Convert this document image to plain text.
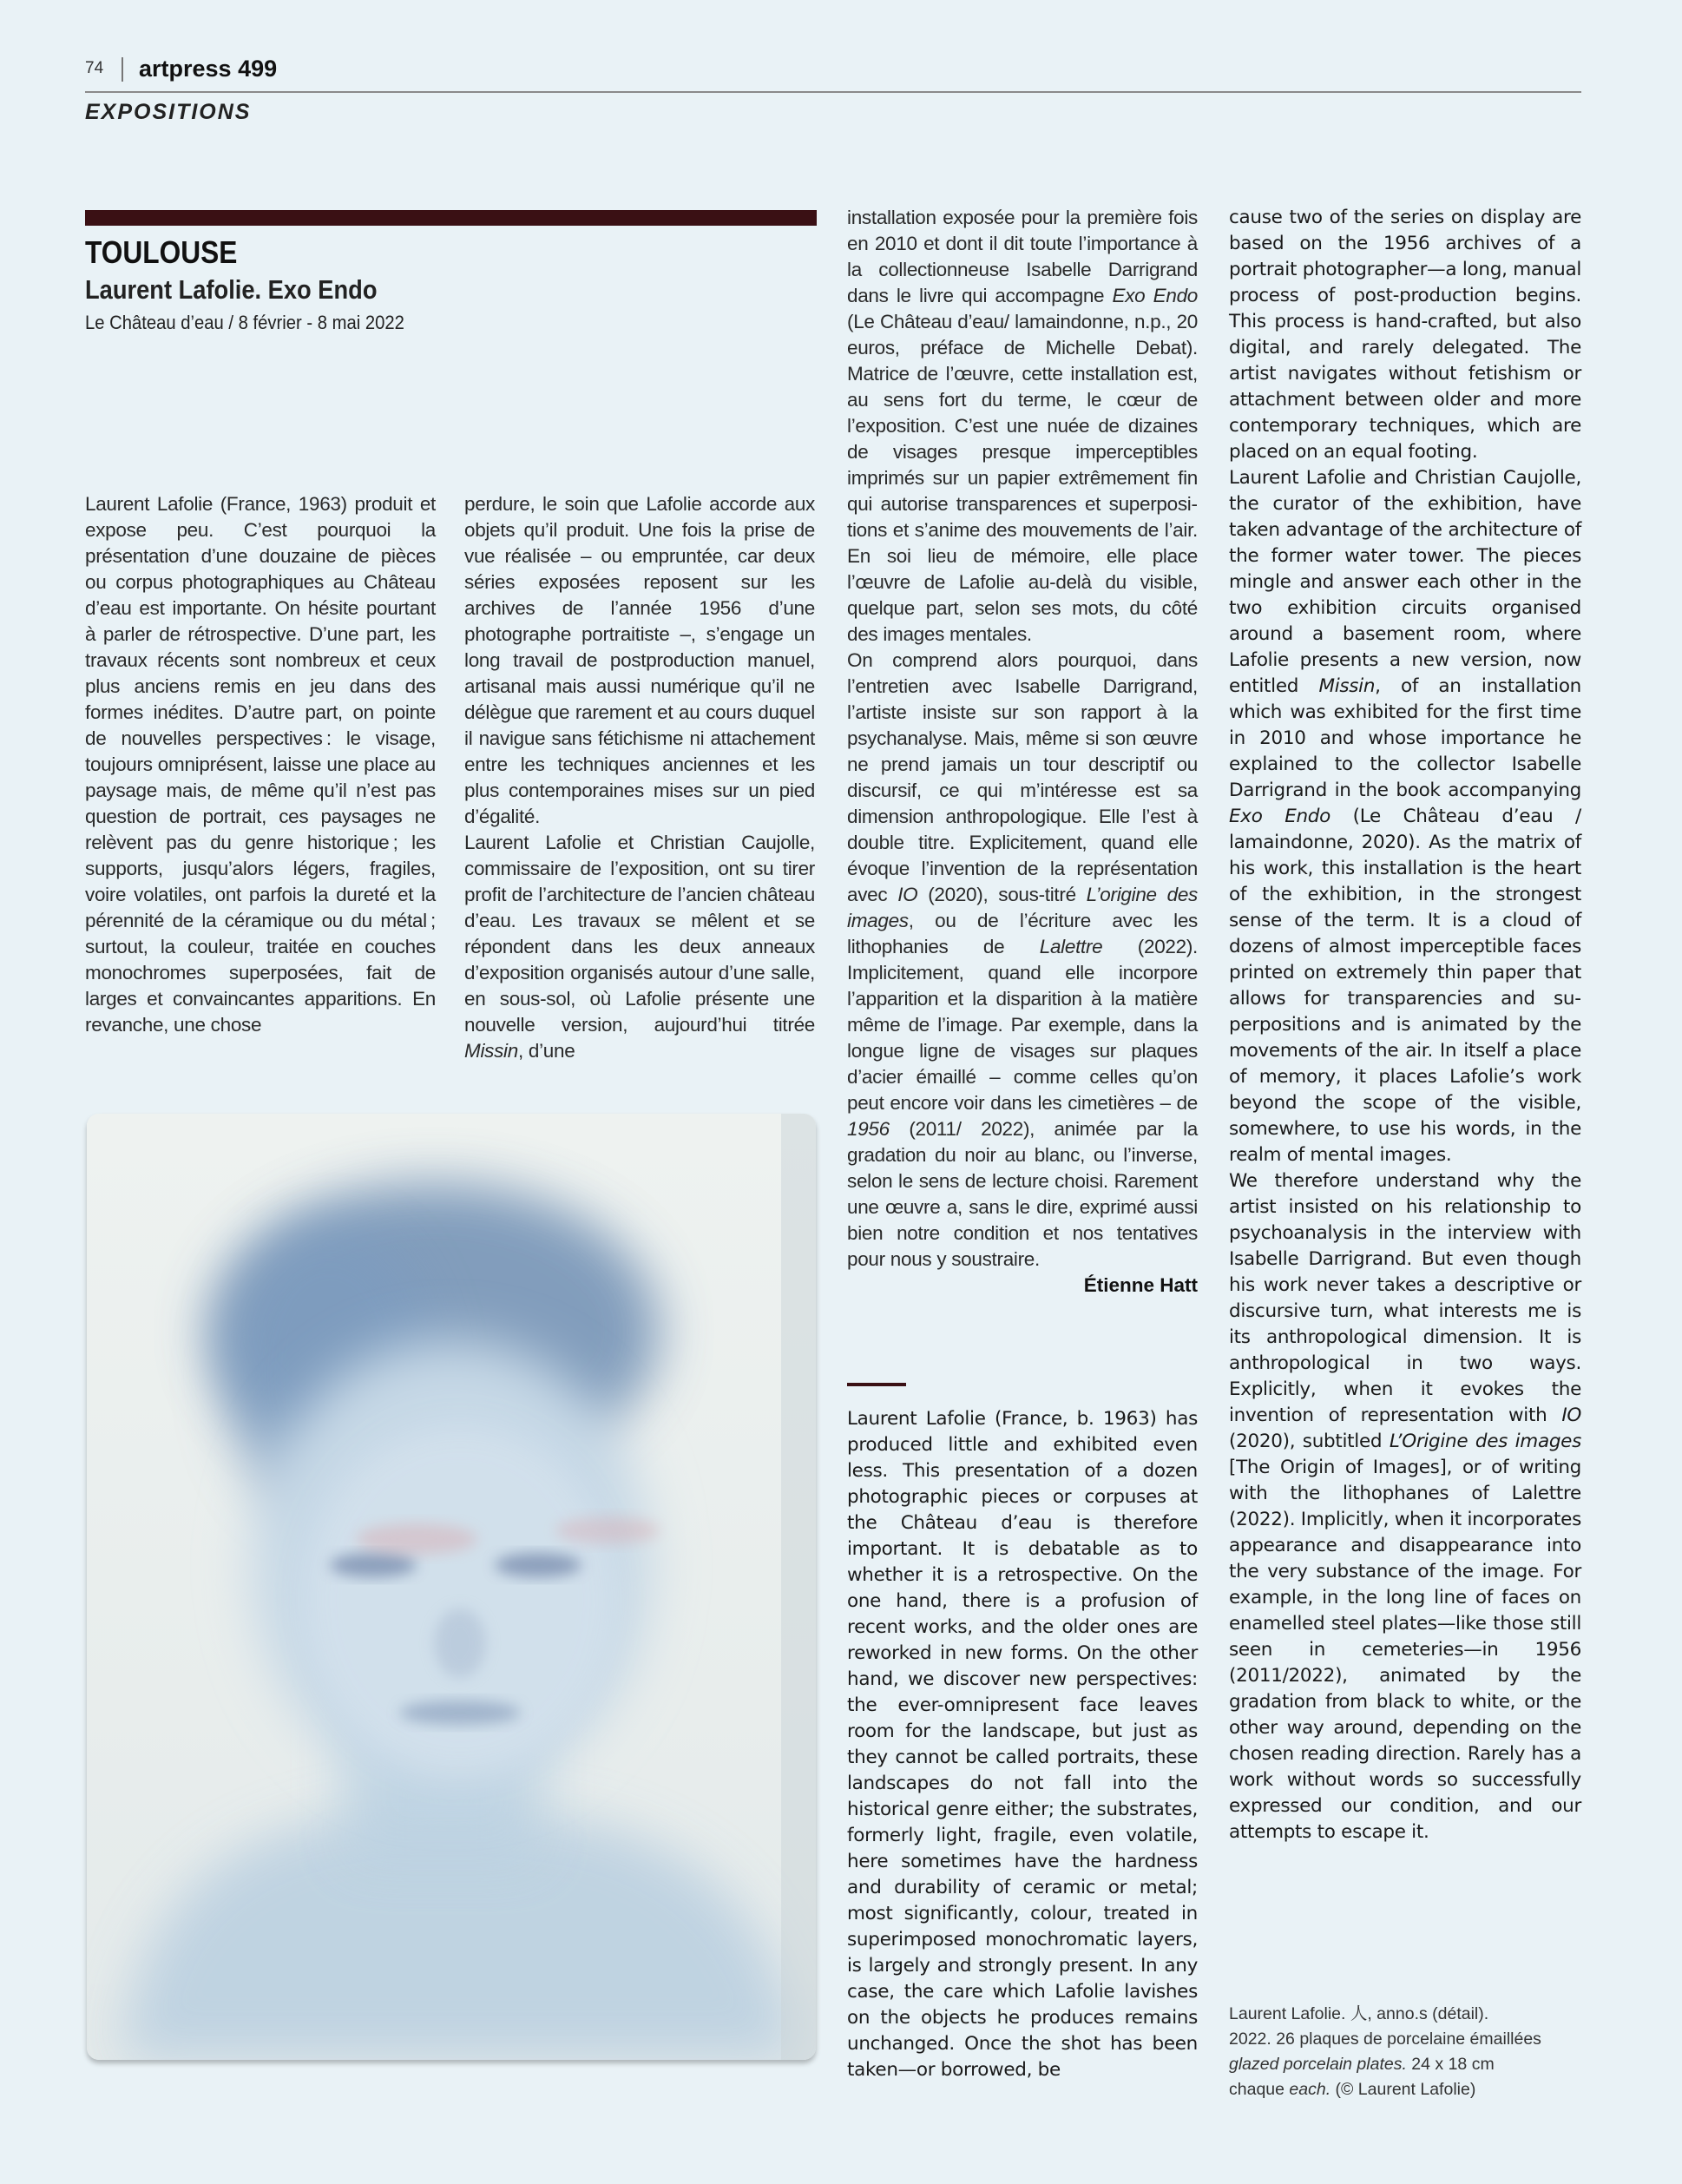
74 artpress 499
EXPOSITIONS
TOULOUSE
Laurent Lafolie. Exo Endo
Le Château d’eau / 8 février - 8 mai 2022

Laurent Lafolie (France, 1963) produit et expose peu. C’est pourquoi la présentation d’une douzaine de pièces ou corpus photographiques au Château d’eau est importante. On hésite pourtant à parler de rétrospective. D’une part, les travaux récents sont nombreux et ceux plus anciens remis en jeu dans des formes inédites. D’autre part, on pointe de nouvelles perspectives : le visage, toujours omniprésent, laisse une place au paysage mais, de même qu’il n’est pas question de portrait, ces paysages ne relèvent pas du genre historique ; les supports, jusqu’alors légers, fragiles, voire volatiles, ont parfois la dureté et la pérennité de la céramique ou du métal ; surtout, la couleur, traitée en couches monochromes superposées, fait de larges et convaincantes apparitions. En revanche, une chose

perdure, le soin que Lafolie accorde aux objets qu’il produit. Une fois la prise de vue réalisée – ou empruntée, car deux séries exposées reposent sur les archives de l’année 1956 d’une photographe portraitiste –, s’engage un long travail de postproduction manuel, artisanal mais aussi numérique qu’il ne délègue que rarement et au cours duquel il navigue sans fétichisme ni attachement entre les techniques anciennes et les plus contemporaines mises sur un pied d’égalité.

Laurent Lafolie et Christian Caujolle, commissaire de l’exposition, ont su tirer profit de l’architecture de l’ancien château d’eau. Les travaux se mêlent et se répondent dans les deux anneaux d’exposition organisés autour d’une salle, en sous-sol, où Lafolie présente une nouvelle version, aujourd’hui titrée Missin, d’une

installation exposée pour la première fois en 2010 et dont il dit toute l’importance à la collectionneuse Isabelle Darrigrand dans le livre qui accompagne Exo Endo (Le Château d’eau/ lamaindonne, n.p., 20 euros, préface de Michelle Debat). Matrice de l’œuvre, cette installation est, au sens fort du terme, le cœur de l’exposition. C’est une nuée de dizaines de visages presque imperceptibles imprimés sur un papier extrêmement fin qui autorise transparences et superpositions et s’anime des mouvements de l’air. En soi lieu de mémoire, elle place l’œuvre de Lafolie au-delà du visible, quelque part, selon ses mots, du côté des images mentales.

On comprend alors pourquoi, dans l’entretien avec Isabelle Darrigrand, l’artiste insiste sur son rapport à la psychanalyse. Mais, même si son œuvre ne prend jamais un tour descriptif ou discursif, ce qui m’intéresse est sa dimension anthropologique. Elle l’est à double titre. Explicitement, quand elle évoque l’invention de la représentation avec IO (2020), sous-titré L’origine des images, ou de l’écriture avec les lithophanies de Lalettre (2022). Implicitement, quand elle incorpore l’apparition et la disparition à la matière même de l’image. Par exemple, dans la longue ligne de visages sur plaques d’acier émaillé – comme celles qu’on peut encore voir dans les cimetières – de 1956 (2011/ 2022), animée par la gradation du noir au blanc, ou l’inverse, selon le sens de lecture choisi. Rarement une œuvre a, sans le dire, exprimé aussi bien notre condition et nos tentatives pour nous y soustraire.

Étienne Hatt

Laurent Lafolie (France, b. 1963) has produced little and exhibited even less. This presentation of a dozen photographic pieces or corpuses at the Château d’eau is therefore important. It is debatable as to whether it is a retrospective. On the one hand, there is a profusion of recent works, and the older ones are reworked in new forms. On the other hand, we discover new perspectives: the ever-omnipresent face leaves room for the landscape, but just as they cannot be called portraits, these landscapes do not fall into the historical genre either; the substrates, formerly light, fragile, even volatile, here sometimes have the hardness and durability of ceramic or metal; most significantly, colour, treated in superimposed monochromatic layers, is largely and strongly present. In any case, the care which Lafolie lavishes on the objects he produces remains unchanged. Once the shot has been taken—or borrowed, be

cause two of the series on display are based on the 1956 archives of a portrait photographer—a long, manual process of post-production begins. This process is hand-crafted, but also digital, and rarely delegated. The artist navigates without fetishism or attachment between older and more contemporary techniques, which are placed on an equal footing.

Laurent Lafolie and Christian Caujolle, the curator of the exhibition, have taken advantage of the architecture of the former water tower. The pieces mingle and answer each other in the two exhibition circuits organised around a basement room, where Lafolie presents a new version, now entitled Missin, of an installation which was exhibited for the first time in 2010 and whose importance he explained to the collector Isabelle Darrigrand in the book accompanying Exo Endo (Le Château d’eau / lamaindonne, 2020). As the matrix of his work, this installation is the heart of the exhibition, in the strongest sense of the term. It is a cloud of dozens of almost imperceptible faces printed on extremely thin paper that allows for transparencies and superpositions and is animated by the movements of the air. In itself a place of memory, it places Lafolie’s work beyond the scope of the visible, somewhere, to use his words, in the realm of mental images.

We therefore understand why the artist insisted on his relationship to psychoanalysis in the interview with Isabelle Darrigrand. But even though his work never takes a descriptive or discursive turn, what interests me is its anthropological dimension. It is anthropological in two ways. Explicitly, when it evokes the invention of representation with IO (2020), subtitled L’Origine des images [The Origin of Images], or of writing with the lithophanes of Lalettre (2022). Implicitly, when it incorporates appearance and disappearance into the very substance of the image. For example, in the long line of faces on enamelled steel plates—like those still seen in cemeteries—in 1956 (2011/2022), animated by the gradation from black to white, or the other way around, depending on the chosen reading direction. Rarely has a work without words so successfully expressed our condition, and our attempts to escape it.

Laurent Lafolie. 人, anno.s (détail).
2022. 26 plaques de porcelaine émaillées
glazed porcelain plates. 24 x 18 cm
chaque each. (© Laurent Lafolie)
